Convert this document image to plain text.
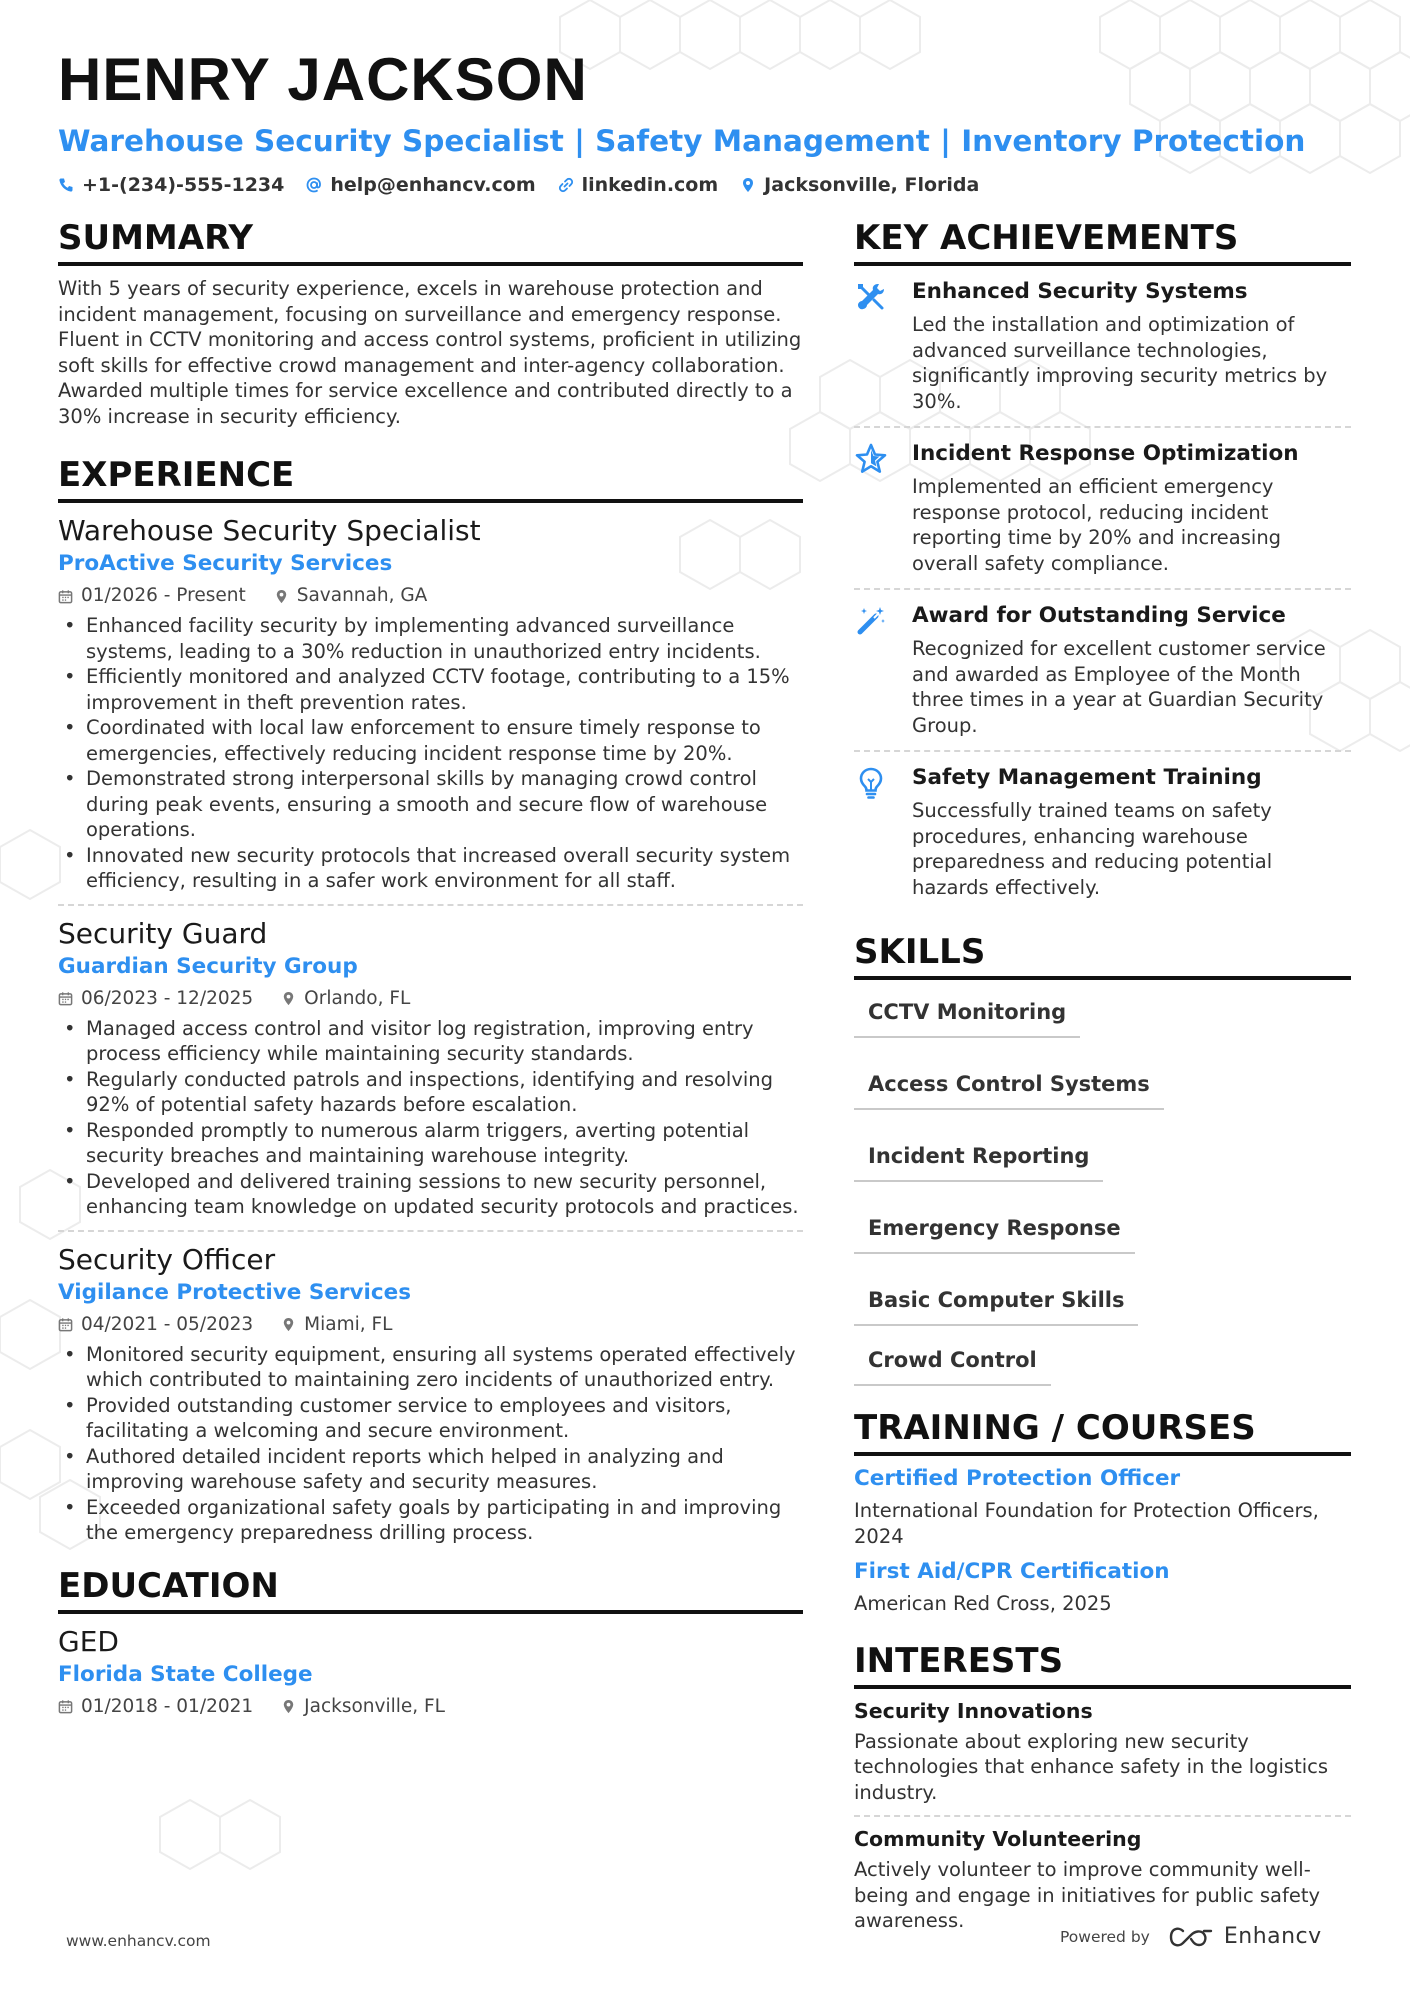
HENRY JACKSON
Warehouse Security Specialist | Safety Management | Inventory Protection
+1-(234)-555-1234 help@enhancv.com linkedin.com Jacksonville, Florida
SUMMARY
With 5 years of security experience, excels in warehouse protection and incident management, focusing on surveillance and emergency response. Fluent in CCTV monitoring and access control systems, proficient in utilizing soft skills for effective crowd management and inter-agency collaboration. Awarded multiple times for service excellence and contributed directly to a 30% increase in security efficiency.
EXPERIENCE
Warehouse Security Specialist
ProActive Security Services
01/2026 - Present	Savannah, GA
• Enhanced facility security by implementing advanced surveillance systems, leading to a 30% reduction in unauthorized entry incidents.
• Efficiently monitored and analyzed CCTV footage, contributing to a 15% improvement in theft prevention rates.
• Coordinated with local law enforcement to ensure timely response to emergencies, effectively reducing incident response time by 20%.
• Demonstrated strong interpersonal skills by managing crowd control during peak events, ensuring a smooth and secure flow of warehouse operations.
• Innovated new security protocols that increased overall security system efficiency, resulting in a safer work environment for all staff.
Security Guard
Guardian Security Group
06/2023 - 12/2025	Orlando, FL
• Managed access control and visitor log registration, improving entry process efficiency while maintaining security standards.
• Regularly conducted patrols and inspections, identifying and resolving 92% of potential safety hazards before escalation.
• Responded promptly to numerous alarm triggers, averting potential security breaches and maintaining warehouse integrity.
• Developed and delivered training sessions to new security personnel, enhancing team knowledge on updated security protocols and practices.
Security Officer
Vigilance Protective Services
04/2021 - 05/2023	Miami, FL
• Monitored security equipment, ensuring all systems operated effectively which contributed to maintaining zero incidents of unauthorized entry.
• Provided outstanding customer service to employees and visitors, facilitating a welcoming and secure environment.
• Authored detailed incident reports which helped in analyzing and improving warehouse safety and security measures.
• Exceeded organizational safety goals by participating in and improving the emergency preparedness drilling process.
EDUCATION
GED
Florida State College
01/2018 - 01/2021	Jacksonville, FL
KEY ACHIEVEMENTS
Enhanced Security Systems
Led the installation and optimization of advanced surveillance technologies, significantly improving security metrics by 30%.
Incident Response Optimization
Implemented an efficient emergency response protocol, reducing incident reporting time by 20% and increasing overall safety compliance.
Award for Outstanding Service
Recognized for excellent customer service and awarded as Employee of the Month three times in a year at Guardian Security Group.
Safety Management Training
Successfully trained teams on safety procedures, enhancing warehouse preparedness and reducing potential hazards effectively.
SKILLS
CCTV Monitoring
Access Control Systems
Incident Reporting
Emergency Response
Basic Computer Skills
Crowd Control
TRAINING / COURSES
Certified Protection Officer
International Foundation for Protection Officers, 2024
First Aid/CPR Certification
American Red Cross, 2025
INTERESTS
Security Innovations
Passionate about exploring new security technologies that enhance safety in the logistics industry.
Community Volunteering
Actively volunteer to improve community well-being and engage in initiatives for public safety awareness.
www.enhancv.com	Powered by	Enhancv
